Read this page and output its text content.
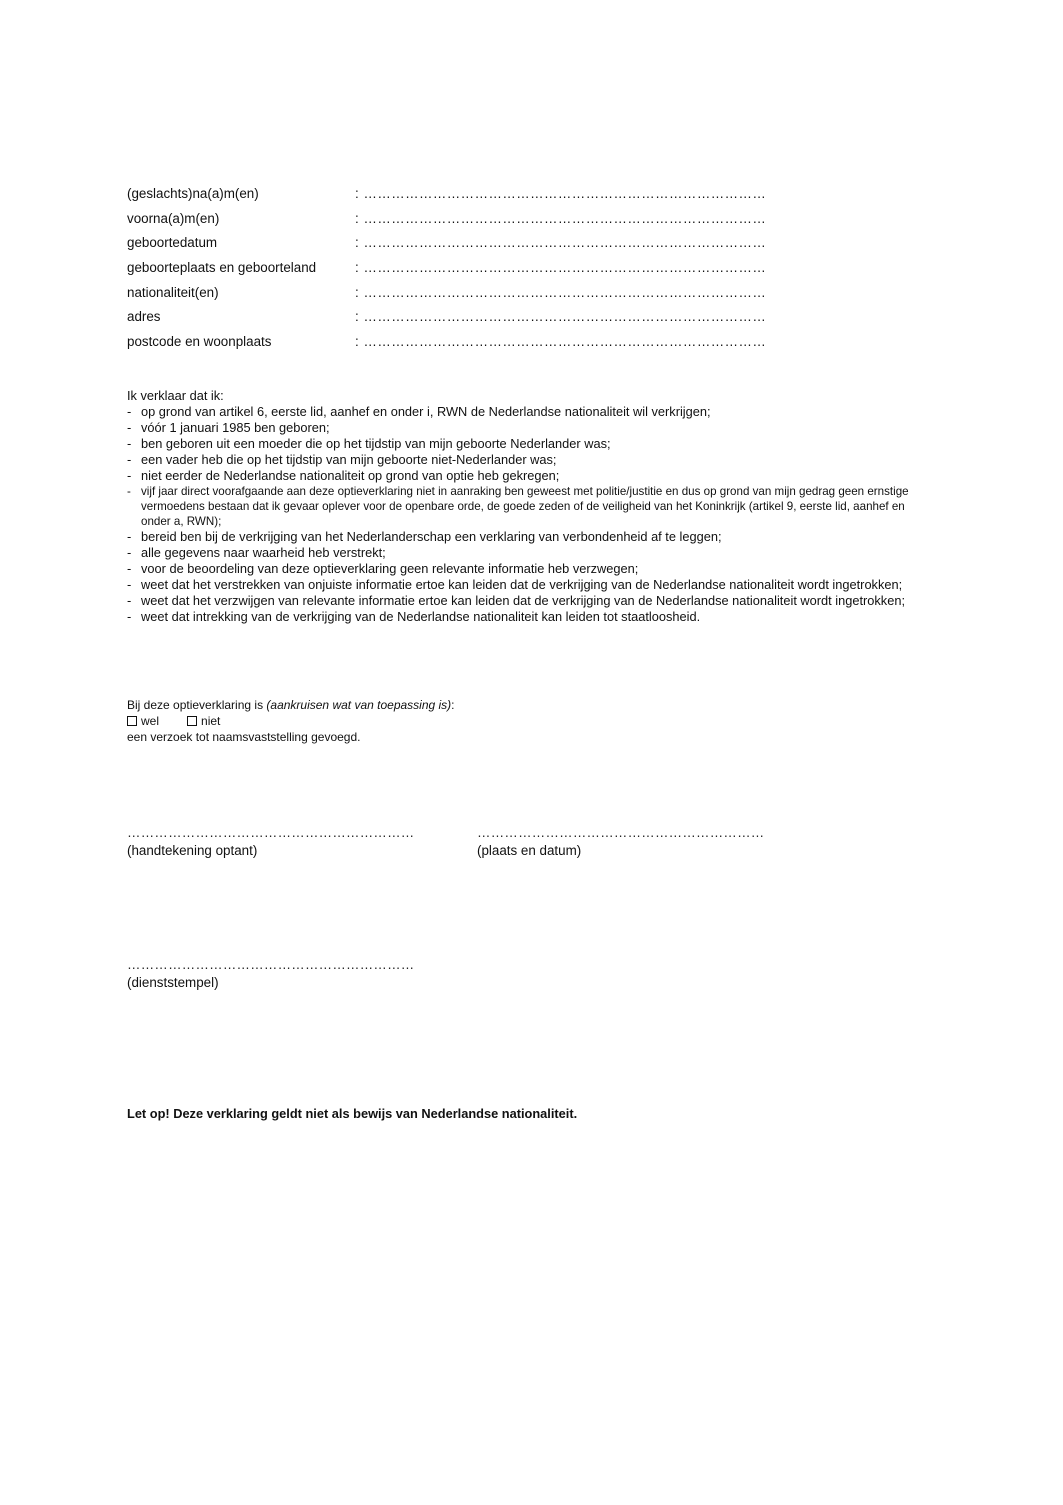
(geslachts)na(a)m(en)	: ……………………………………………………………………………
voorna(a)m(en)	: ……………………………………………………………………………
geboortedatum	: ……………………………………………………………………………
geboorteplaats en geboorteland	: ……………………………………………………………………………
nationaliteit(en)	: ……………………………………………………………………………
adres	: ……………………………………………………………………………
postcode en woonplaats	: ……………………………………………………………………………
Ik verklaar dat ik:
- op grond van artikel 6, eerste lid, aanhef en onder i, RWN de Nederlandse nationaliteit wil verkrijgen;
- vóór 1 januari 1985 ben geboren;
- ben geboren uit een moeder die op het tijdstip van mijn geboorte Nederlander was;
- een vader heb die op het tijdstip van mijn geboorte niet-Nederlander was;
- niet eerder de Nederlandse nationaliteit op grond van optie heb gekregen;
- vijf jaar direct voorafgaande aan deze optieverklaring niet in aanraking ben geweest met politie/justitie en dus op grond van mijn gedrag geen ernstige vermoedens bestaan dat ik gevaar oplever voor de openbare orde, de goede zeden of de veiligheid van het Koninkrijk (artikel 9, eerste lid, aanhef en onder a, RWN);
- bereid ben bij de verkrijging van het Nederlanderschap een verklaring van verbondenheid af te leggen;
- alle gegevens naar waarheid heb verstrekt;
- voor de beoordeling van deze optieverklaring geen relevante informatie heb verzwegen;
- weet dat het verstrekken van onjuiste informatie ertoe kan leiden dat de verkrijging van de Nederlandse nationaliteit wordt ingetrokken;
- weet dat het verzwijgen van relevante informatie ertoe kan leiden dat de verkrijging van de Nederlandse nationaliteit wordt ingetrokken;
- weet dat intrekking van de verkrijging van de Nederlandse nationaliteit kan leiden tot staatloosheid.
Bij deze optieverklaring is (aankruisen wat van toepassing is):
wel	niet
een verzoek tot naamsvaststelling gevoegd.
………………………………………………………
(handtekening optant)
………………………………………………………
(plaats en datum)
………………………………………………………
(dienststempel)
Let op! Deze verklaring geldt niet als bewijs van Nederlandse nationaliteit.
